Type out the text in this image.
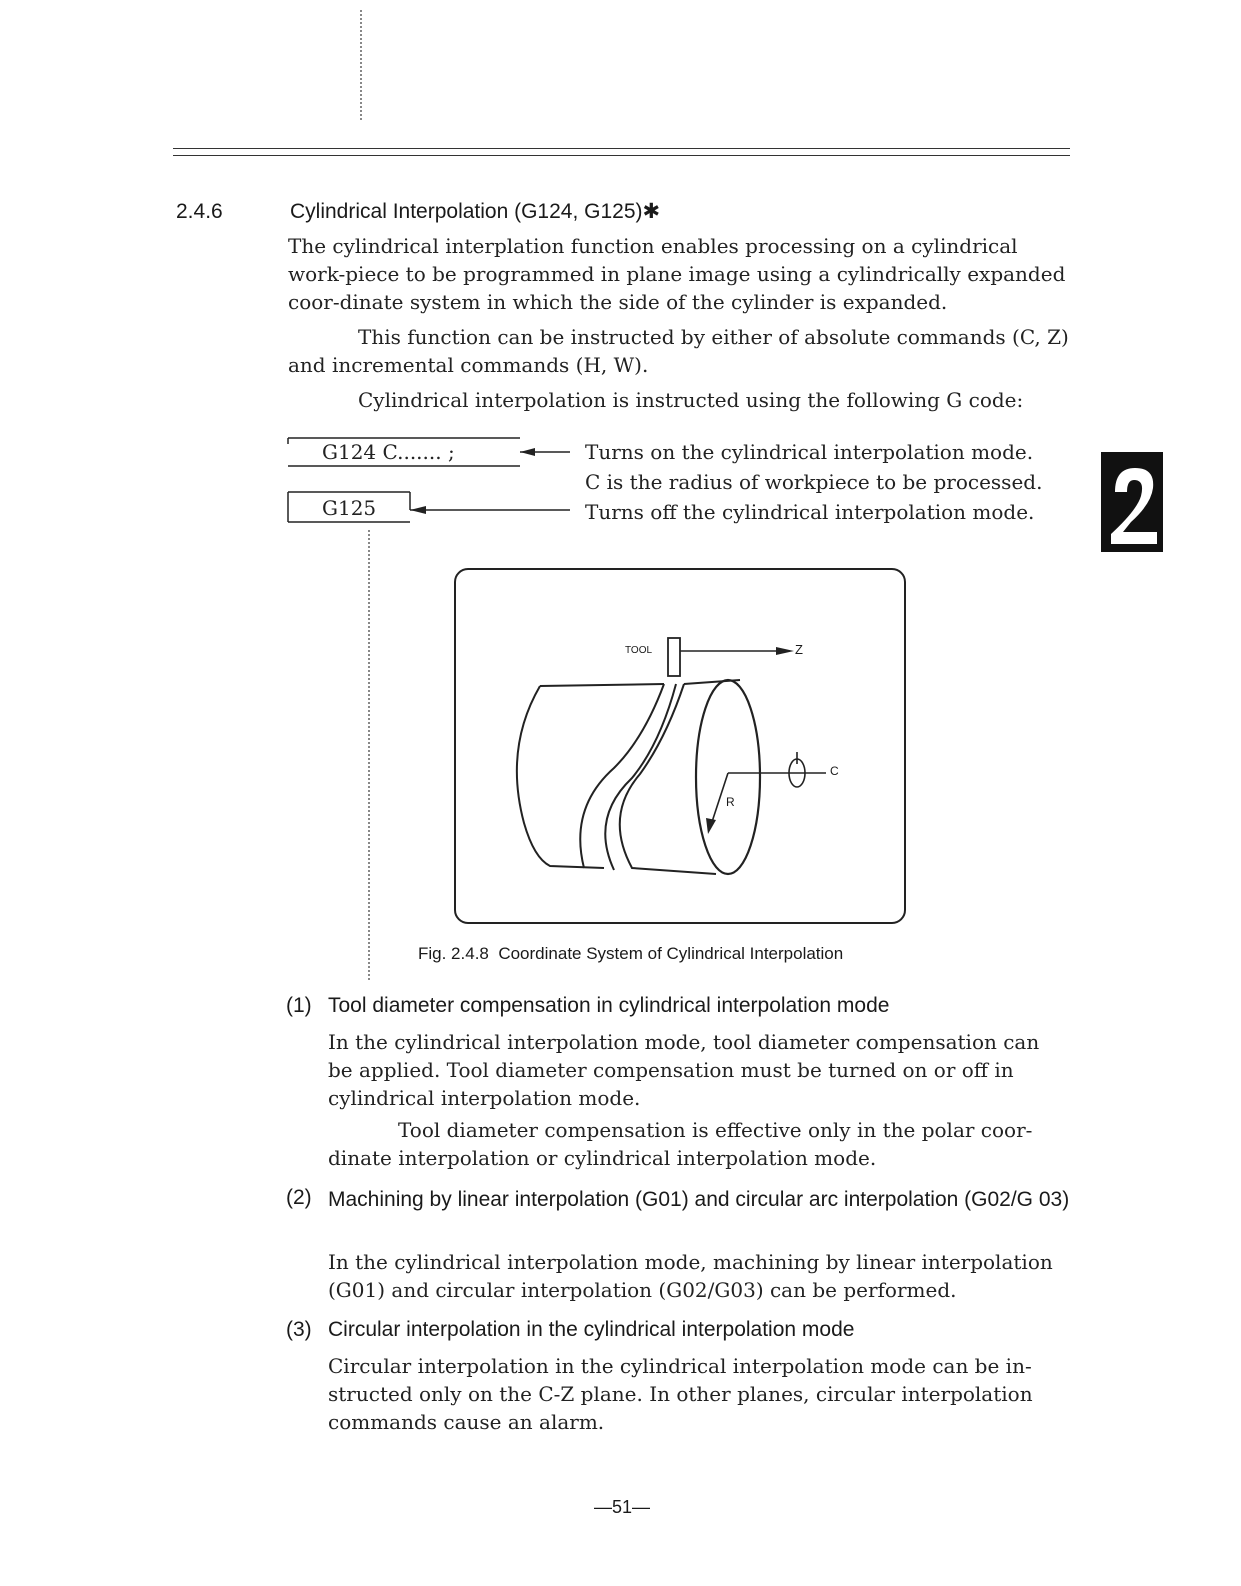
2.4.6	Cylindrical Interpolation (G124, G125)✱
The cylindrical interplation function enables processing on a cylindrical work-piece to be programmed in plane image using a cylindrically expanded coor-dinate system in which the side of the cylinder is expanded.
This function can be instructed by either of absolute commands (C, Z) and incremental commands (H, W).
Cylindrical interpolation is instructed using the following G code:
G124 C....... ;
G125
Turns on the cylindrical interpolation mode.
C is the radius of workpiece to be processed.
Turns off the cylindrical interpolation mode.
TOOL	Z
C
R
Fig. 2.4.8 Coordinate System of Cylindrical Interpolation
(1) Tool diameter compensation in cylindrical interpolation mode

In the cylindrical interpolation mode, tool diameter compensation can be applied. Tool diameter compensation must be turned on or off in cylindrical interpolation mode.

Tool diameter compensation is effective only in the polar coor-dinate interpolation or cylindrical interpolation mode.

(2) Machining by linear interpolation (G01) and circular arc interpolation (G02/G 03)

In the cylindrical interpolation mode, machining by linear interpolation (G01) and circular interpolation (G02/G03) can be performed.

(3) Circular interpolation in the cylindrical interpolation mode

Circular interpolation in the cylindrical interpolation mode can be in-structed only on the C-Z plane. In other planes, circular interpolation commands cause an alarm.

—51—
